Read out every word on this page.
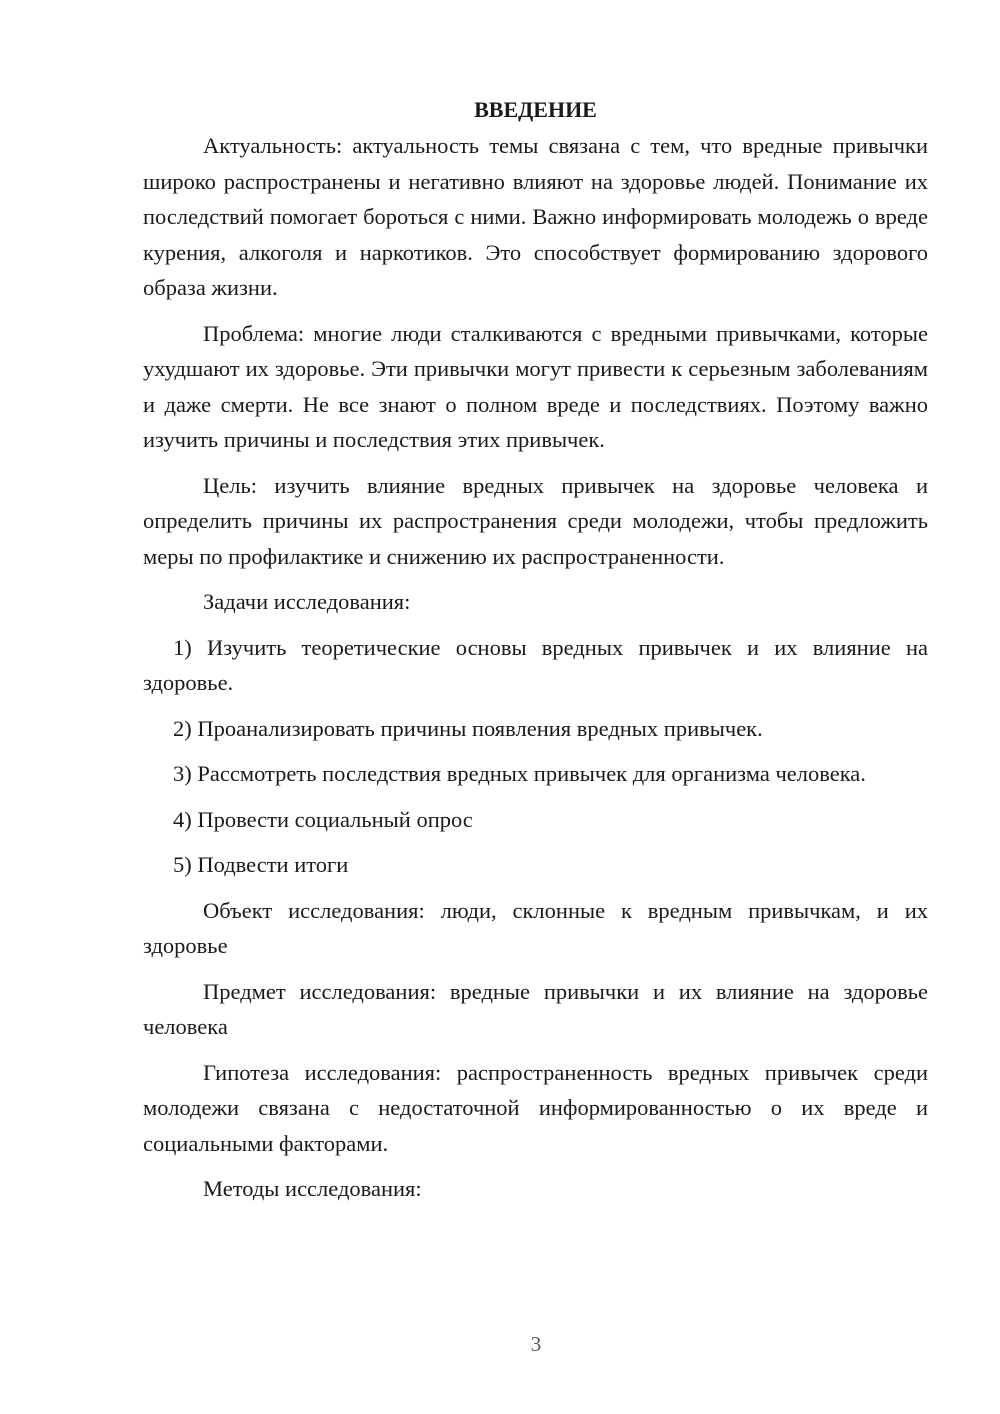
ВВЕДЕНИЕ

Актуальность: актуальность темы связана с тем, что вредные привычки широко распространены и негативно влияют на здоровье людей. Понимание их последствий помогает бороться с ними. Важно информировать молодежь о вреде курения, алкоголя и наркотиков. Это способствует формированию здорового образа жизни.

Проблема: многие люди сталкиваются с вредными привычками, которые ухудшают их здоровье. Эти привычки могут привести к серьезным заболеваниям и даже смерти. Не все знают о полном вреде и последствиях. Поэтому важно изучить причины и последствия этих привычек.

Цель: изучить влияние вредных привычек на здоровье человека и определить причины их распространения среди молодежи, чтобы предложить меры по профилактике и снижению их распространенности.

Задачи исследования:

1) Изучить теоретические основы вредных привычек и их влияние на здоровье.

2) Проанализировать причины появления вредных привычек.

3) Рассмотреть последствия вредных привычек для организма человека.

4) Провести социальный опрос

5) Подвести итоги

Объект исследования: люди, склонные к вредным привычкам, и их здоровье

Предмет исследования: вредные привычки и их влияние на здоровье человека

Гипотеза исследования: распространенность вредных привычек среди молодежи связана с недостаточной информированностью о их вреде и социальными факторами.

Методы исследования:

3
